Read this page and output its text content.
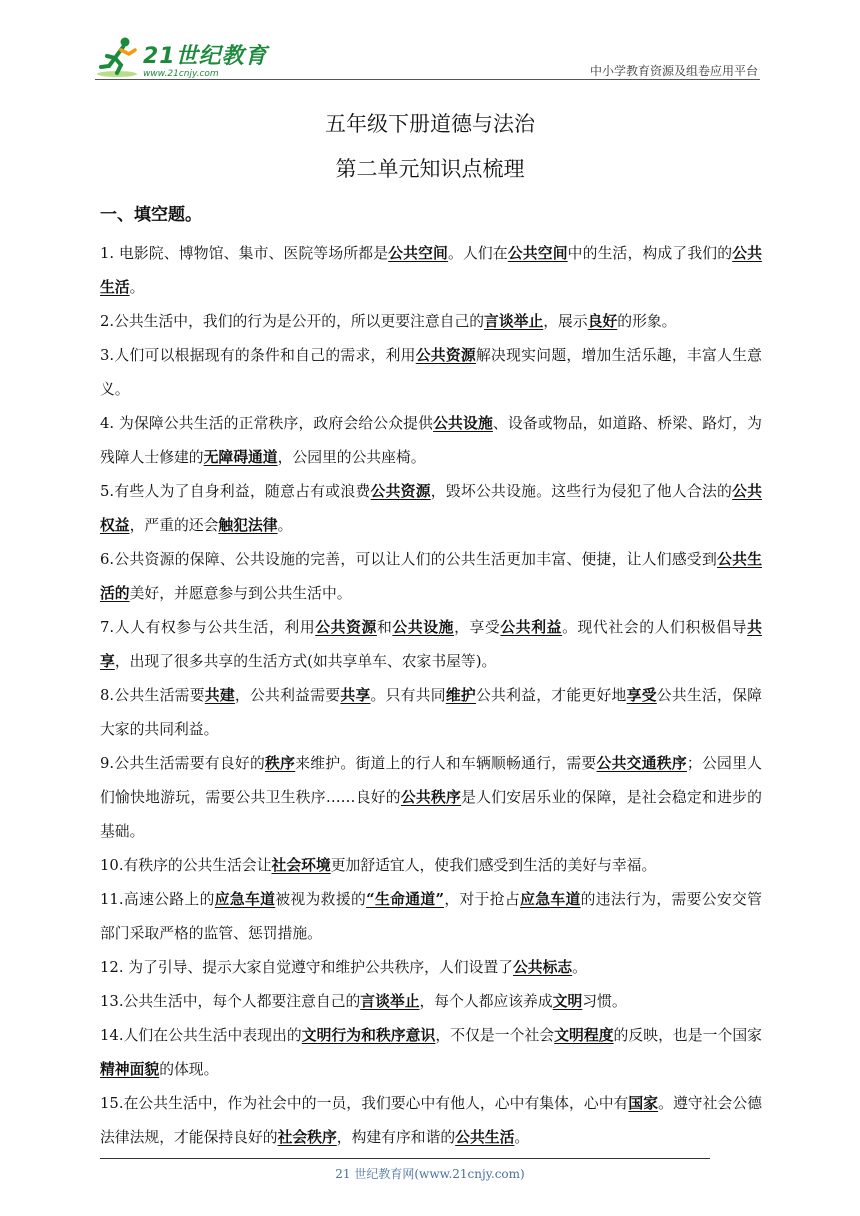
21世纪教育
www.21cnjy.com	中小学教育资源及组卷应用平台
五年级下册道德与法治
第二单元知识点梳理
一、填空题。

1. 电影院、博物馆、集市、医院等场所都是公共空间。人们在公共空间中的生活，构成了我们的公共生活。

2.公共生活中，我们的行为是公开的，所以更要注意自己的言谈举止，展示良好的形象。

3.人们可以根据现有的条件和自己的需求，利用公共资源解决现实问题，增加生活乐趣，丰富人生意义。

4. 为保障公共生活的正常秩序，政府会给公众提供公共设施、设备或物品，如道路、桥梁、路灯，为残障人士修建的无障碍通道，公园里的公共座椅。

5.有些人为了自身利益，随意占有或浪费公共资源，毁坏公共设施。这些行为侵犯了他人合法的公共权益，严重的还会触犯法律。

6.公共资源的保障、公共设施的完善，可以让人们的公共生活更加丰富、便捷，让人们感受到公共生活的美好，并愿意参与到公共生活中。

7.人人有权参与公共生活，利用公共资源和公共设施，享受公共利益。现代社会的人们积极倡导共享，出现了很多共享的生活方式(如共享单车、农家书屋等)。

8.公共生活需要共建，公共利益需要共享。只有共同维护公共利益，才能更好地享受公共生活，保障大家的共同利益。

9.公共生活需要有良好的秩序来维护。街道上的行人和车辆顺畅通行，需要公共交通秩序；公园里人们愉快地游玩，需要公共卫生秩序……良好的公共秩序是人们安居乐业的保障，是社会稳定和进步的基础。

10.有秩序的公共生活会让社会环境更加舒适宜人，使我们感受到生活的美好与幸福。

11.高速公路上的应急车道被视为救援的“生命通道”，对于抢占应急车道的违法行为，需要公安交管部门采取严格的监管、惩罚措施。

12. 为了引导、提示大家自觉遵守和维护公共秩序，人们设置了公共标志。

13.公共生活中，每个人都要注意自己的言谈举止，每个人都应该养成文明习惯。

14.人们在公共生活中表现出的文明行为和秩序意识，不仅是一个社会文明程度的反映，也是一个国家精神面貌的体现。

15.在公共生活中，作为社会中的一员，我们要心中有他人，心中有集体，心中有国家。遵守社会公德法律法规，才能保持良好的社会秩序，构建有序和谐的公共生活。

21 世纪教育网(www.21cnjy.com)
